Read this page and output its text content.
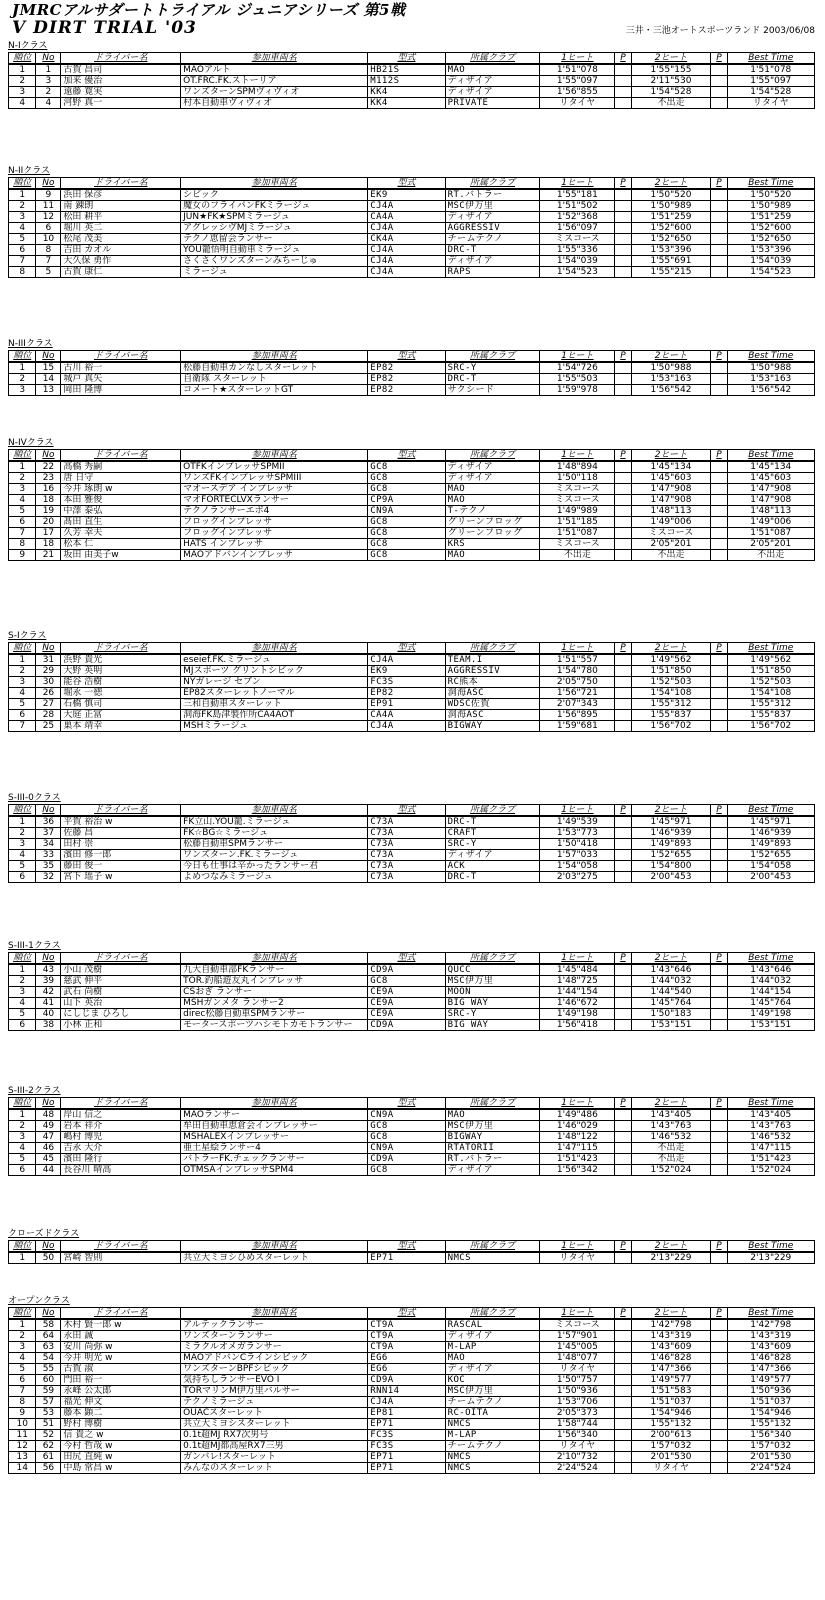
JMRCアルサダートトライアル ジュニアシリーズ 第5戦
V DIRT TRIAL '03	三井・三池オートスポーツランド 2003/06/08
N-Iクラス
順位	No	ドライバー名	参加車両名	型式	所属クラブ	1ヒート	P	2ヒート	P	Best Time
1	1	古賀 昌司	MAOアルト	HB21S	MAO	1'51"078		1'55"155		1'51"078
2	3	加来 優治	OT.FRC.FK.ストーリア	M112S	ディザイア	1'55"097		2'11"530		1'55"097
3	2	遠藤 寛実	ワンズターンSPMヴィヴィオ	KK4	ディザイア	1'56"855		1'54"528		1'54"528
4	4	河野 真一	村本自動車ヴィヴィオ	KK4	PRIVATE	リタイヤ		不出走		リタイヤ
N-IIクラス
順位	No	ドライバー名	参加車両名	型式	所属クラブ	1ヒート	P	2ヒート	P	Best Time
1	9	浜田 保彦	シビック	EK9	RT.バトラー	1'55"181		1'50"520		1'50"520
2	11	南 錬朗	魔女のフライパンFKミラージュ	CJ4A	MSC伊万里	1'51"502		1'50"989		1'50"989
3	12	松田 耕平	JUN★FK★SPMミラージュ	CA4A	ディザイア	1'52"368		1'51"259		1'51"259
4	6	堀川 英二	アグレッシヴMJミラージュ	CJ4A	AGGRESSIV	1'56"097		1'52"600		1'52"600
5	10	松尾 茂美	テクノ恵留会ランサー	CK4A	チームテクノ	ミスコース		1'52"650		1'52"650
6	8	吉田 カオル	YOU籠悟明自動車ミラージュ	CJ4A	DRC-T	1'55"336		1'53"396		1'53"396
7	7	大久保 勇作	さくさくワンズターンみちーじゅ	CJ4A	ディザイア	1'54"039		1'55"691		1'54"039
8	5	古賀 康仁	ミラージュ	CJ4A	RAPS	1'54"523		1'55"215		1'54"523
N-IIIクラス
順位	No	ドライバー名	参加車両名	型式	所属クラブ	1ヒート	P	2ヒート	P	Best Time
1	15	古川 裕一	松藤自動車カンなしスターレット	EP82	SRC-Y	1'54"726		1'50"988		1'50"988
2	14	城戸 真矢	自衛隊 スターレット	EP82	DRC-T	1'55"503		1'53"163		1'53"163
3	13	岡田 隆博	コメート★スターレットGT	EP82	サクシード	1'59"978		1'56"542		1'56"542
N-IVクラス
順位	No	ドライバー名	参加車両名	型式	所属クラブ	1ヒート	P	2ヒート	P	Best Time
1	22	高橋 秀嗣	OTFKインプレッサSPMII	GC8	ディザイア	1'48"894		1'45"134		1'45"134
2	23	唐 日守	ワンズFKインプレッサSPMIII	GC8	ディザイア	1'50"118		1'45"603		1'45"603
3	16	今井 琢朗 w	マオースデア インプレッサ	GC8	MAO	ミスコース		1'47"908		1'47"908
4	18	本田 雅俊	マオFORTECLVXランサー	CP9A	MAO	ミスコース		1'47"908		1'47"908
5	19	中澤 泰弘	テクノランサーエボ4	CN9A	T-テクノ	1'49"989		1'48"113		1'48"113
6	20	髙田 直生	フロッグインプレッサ	GC8	グリーンフロッグ	1'51"185		1'49"006		1'49"006
7	17	久芳 幸夫	フロッグインプレッサ	GC8	グリーンフロッグ	1'51"087		ミスコース		1'51"087
8	18	松本 仁	HATS インプレッサ	GC8	KRS	ミスコース		2'05"201		2'05"201
9	21	坂田 由美子w	MAOアドバンインプレッサ	GC8	MAO	不出走		不出走		不出走
S-Iクラス
順位	No	ドライバー名	参加車両名	型式	所属クラブ	1ヒート	P	2ヒート	P	Best Time
1	31	浜野 貴光	eseief.FK.ミラージュ	CJ4A	TEAM.I	1'51"557		1'49"562		1'49"562
2	29	大野 英明	MJスポーツ グリントシビック	EK9	AGGRESSIV	1'54"780		1'51"850		1'51"850
3	30	能谷 浩樹	NYガレージ セブン	FC3S	RC熊本	2'05"750		1'52"503		1'52"503
4	26	堀永 一徳	EP82スターレットノーマル	EP82	洞海ASC	1'56"721		1'54"108		1'54"108
5	27	石橋 慎司	三和自動車スターレット	EP91	WDSC佐賀	2'07"343		1'55"312		1'55"312
6	28	大庭 正富	洞海FK島津製作所CA4AOT	CA4A	洞海ASC	1'56"895		1'55"837		1'55"837
7	25	巣本 靖幸	MSHミラージュ	CJ4A	BIGWAY	1'59"681		1'56"702		1'56"702
S-III-0クラス
順位	No	ドライバー名	参加車両名	型式	所属クラブ	1ヒート	P	2ヒート	P	Best Time
1	36	平賀 裕治 w	FK立山.YOU籠.ミラージュ	C73A	DRC-T	1'49"539		1'45"971		1'45"971
2	37	佐藤 昌	FK☆BG☆ミラージュ	C73A	CRAFT	1'53"773		1'46"939		1'46"939
3	34	田村 崇	松藤自動車SPMランサー	C73A	SRC-Y	1'50"418		1'49"893		1'49"893
4	33	濱田 修一郎	ワンズターン.FK.ミラージュ	C73A	ディザイア	1'57"033		1'52"655		1'52"655
5	35	藤田 俊一	今日も仕事は辛かったランサー君	C73A	ACK	1'54"058		1'54"800		1'54"058
6	32	宮下 瑶子 w	よめつなみミラージュ	C73A	DRC-T	2'03"275		2'00"453		2'00"453
S-III-1クラス
順位	No	ドライバー名	参加車両名	型式	所属クラブ	1ヒート	P	2ヒート	P	Best Time
1	43	小山 茂樹	九大自動車部FKランサー	CD9A	QUCC	1'45"484		1'43"646		1'43"646
2	39	慈武 伸平	TOR.釣船遊友丸インプレッサ	GC8	MSC伊万里	1'48"725		1'44"032		1'44"032
3	42	武石 尚樹	CSおぎ ランサー	CE9A	MOON	1'44"154		1'44"540		1'44"154
4	41	山下 英治	MSHガンメタ ランサー2	CE9A	BIG WAY	1'46"672		1'45"764		1'45"764
5	40	にしじま ひろし	direc松藤自動車SPMランサー	CE9A	SRC-Y	1'49"198		1'50"183		1'49"198
6	38	小林 正和	モータースポーツハシモトカモトランサー	CD9A	BIG WAY	1'56"418		1'53"151		1'53"151
S-III-2クラス
順位	No	ドライバー名	参加車両名	型式	所属クラブ	1ヒート	P	2ヒート	P	Best Time
1	48	岸山 信之	MAOランサー	CN9A	MAO	1'49"486		1'43"405		1'43"405
2	49	岩本 祥介	牟田自動車恵倉会インプレッサー	GC8	MSC伊万里	1'46"029		1'43"763		1'43"763
3	47	嶋村 博児	MSHALEXインプレッサー	GC8	BIGWAY	1'48"122		1'46"532		1'46"532
4	46	吉永 大介	亜土星絵ランサー4	CN9A	RTATORII	1'47"115		不出走		1'47"115
5	45	濱田 隆行	バトラーFK.チェックランサー	CD9A	RT.バトラー	1'51"423		不出走		1'51"423
6	44	長谷川 晴高	OTMSAインプレッサSPM4	GC8	ディザイア	1'56"342		1'52"024		1'52"024
クローズドクラス
順位	No	ドライバー名	参加車両名	型式	所属クラブ	1ヒート	P	2ヒート	P	Best Time
1	50	宮崎 智則	共立大ミヨシひめスターレット	EP71	NMCS	リタイヤ		2'13"229		2'13"229
オープンクラス
順位	No	ドライバー名	参加車両名	型式	所属クラブ	1ヒート	P	2ヒート	P	Best Time
1	58	木村 賢一郎 w	アルテックランサー	CT9A	RASCAL	ミスコース		1'42"798		1'42"798
2	64	永田 誠	ワンズターンランサー	CT9A	ディザイア	1'57"901		1'43"319		1'43"319
3	63	安川 尚弥 w	ミラクルオメガランサー	CT9A	M-LAP	1'45"005		1'43"609		1'43"609
4	54	今井 明光 w	MAOアドバンCラインシビック	EG6	MAO	1'48"077		1'46"828		1'46"828
5	55	古賀 淑	ワンズターンBPFシビック	EG6	ディザイア	リタイヤ		1'47"366		1'47"366
6	60	門田 裕一	気持ちしランサーEVO I	CD9A	KOC	1'50"757		1'49"577		1'49"577
7	59	永峰 公太郎	TORマリンM伊万里バルサー	RNN14	MSC伊万里	1'50"936		1'51"583		1'50"936
8	57	福光 伸文	テクノミラージュ	CJ4A	チームテクノ	1'53"706		1'51"037		1'51"037
9	53	藤本 顕二	OUACスターレット	EP81	RC-OITA	2'05"373		1'54"946		1'54"946
10	51	野村 博樹	共立大ミヨシスターレット	EP71	NMCS	1'58"744		1'55"132		1'55"132
11	52	信 貴之 w	0.1t超MJ RX7次男号	FC3S	M-LAP	1'56"340		2'00"613		1'56"340
12	62	今村 哲哉 w	0.1t超MJ都高屋RX7三男	FC3S	チームテクノ	リタイヤ		1'57"032		1'57"032
13	61	田尻 直純 w	ガンバレ!スターレット	EP71	NMCS	2'10"732		2'01"530		2'01"530
14	56	中島 常昌 w	みんなのスターレット	EP71	NMCS	2'24"524		リタイヤ		2'24"524
